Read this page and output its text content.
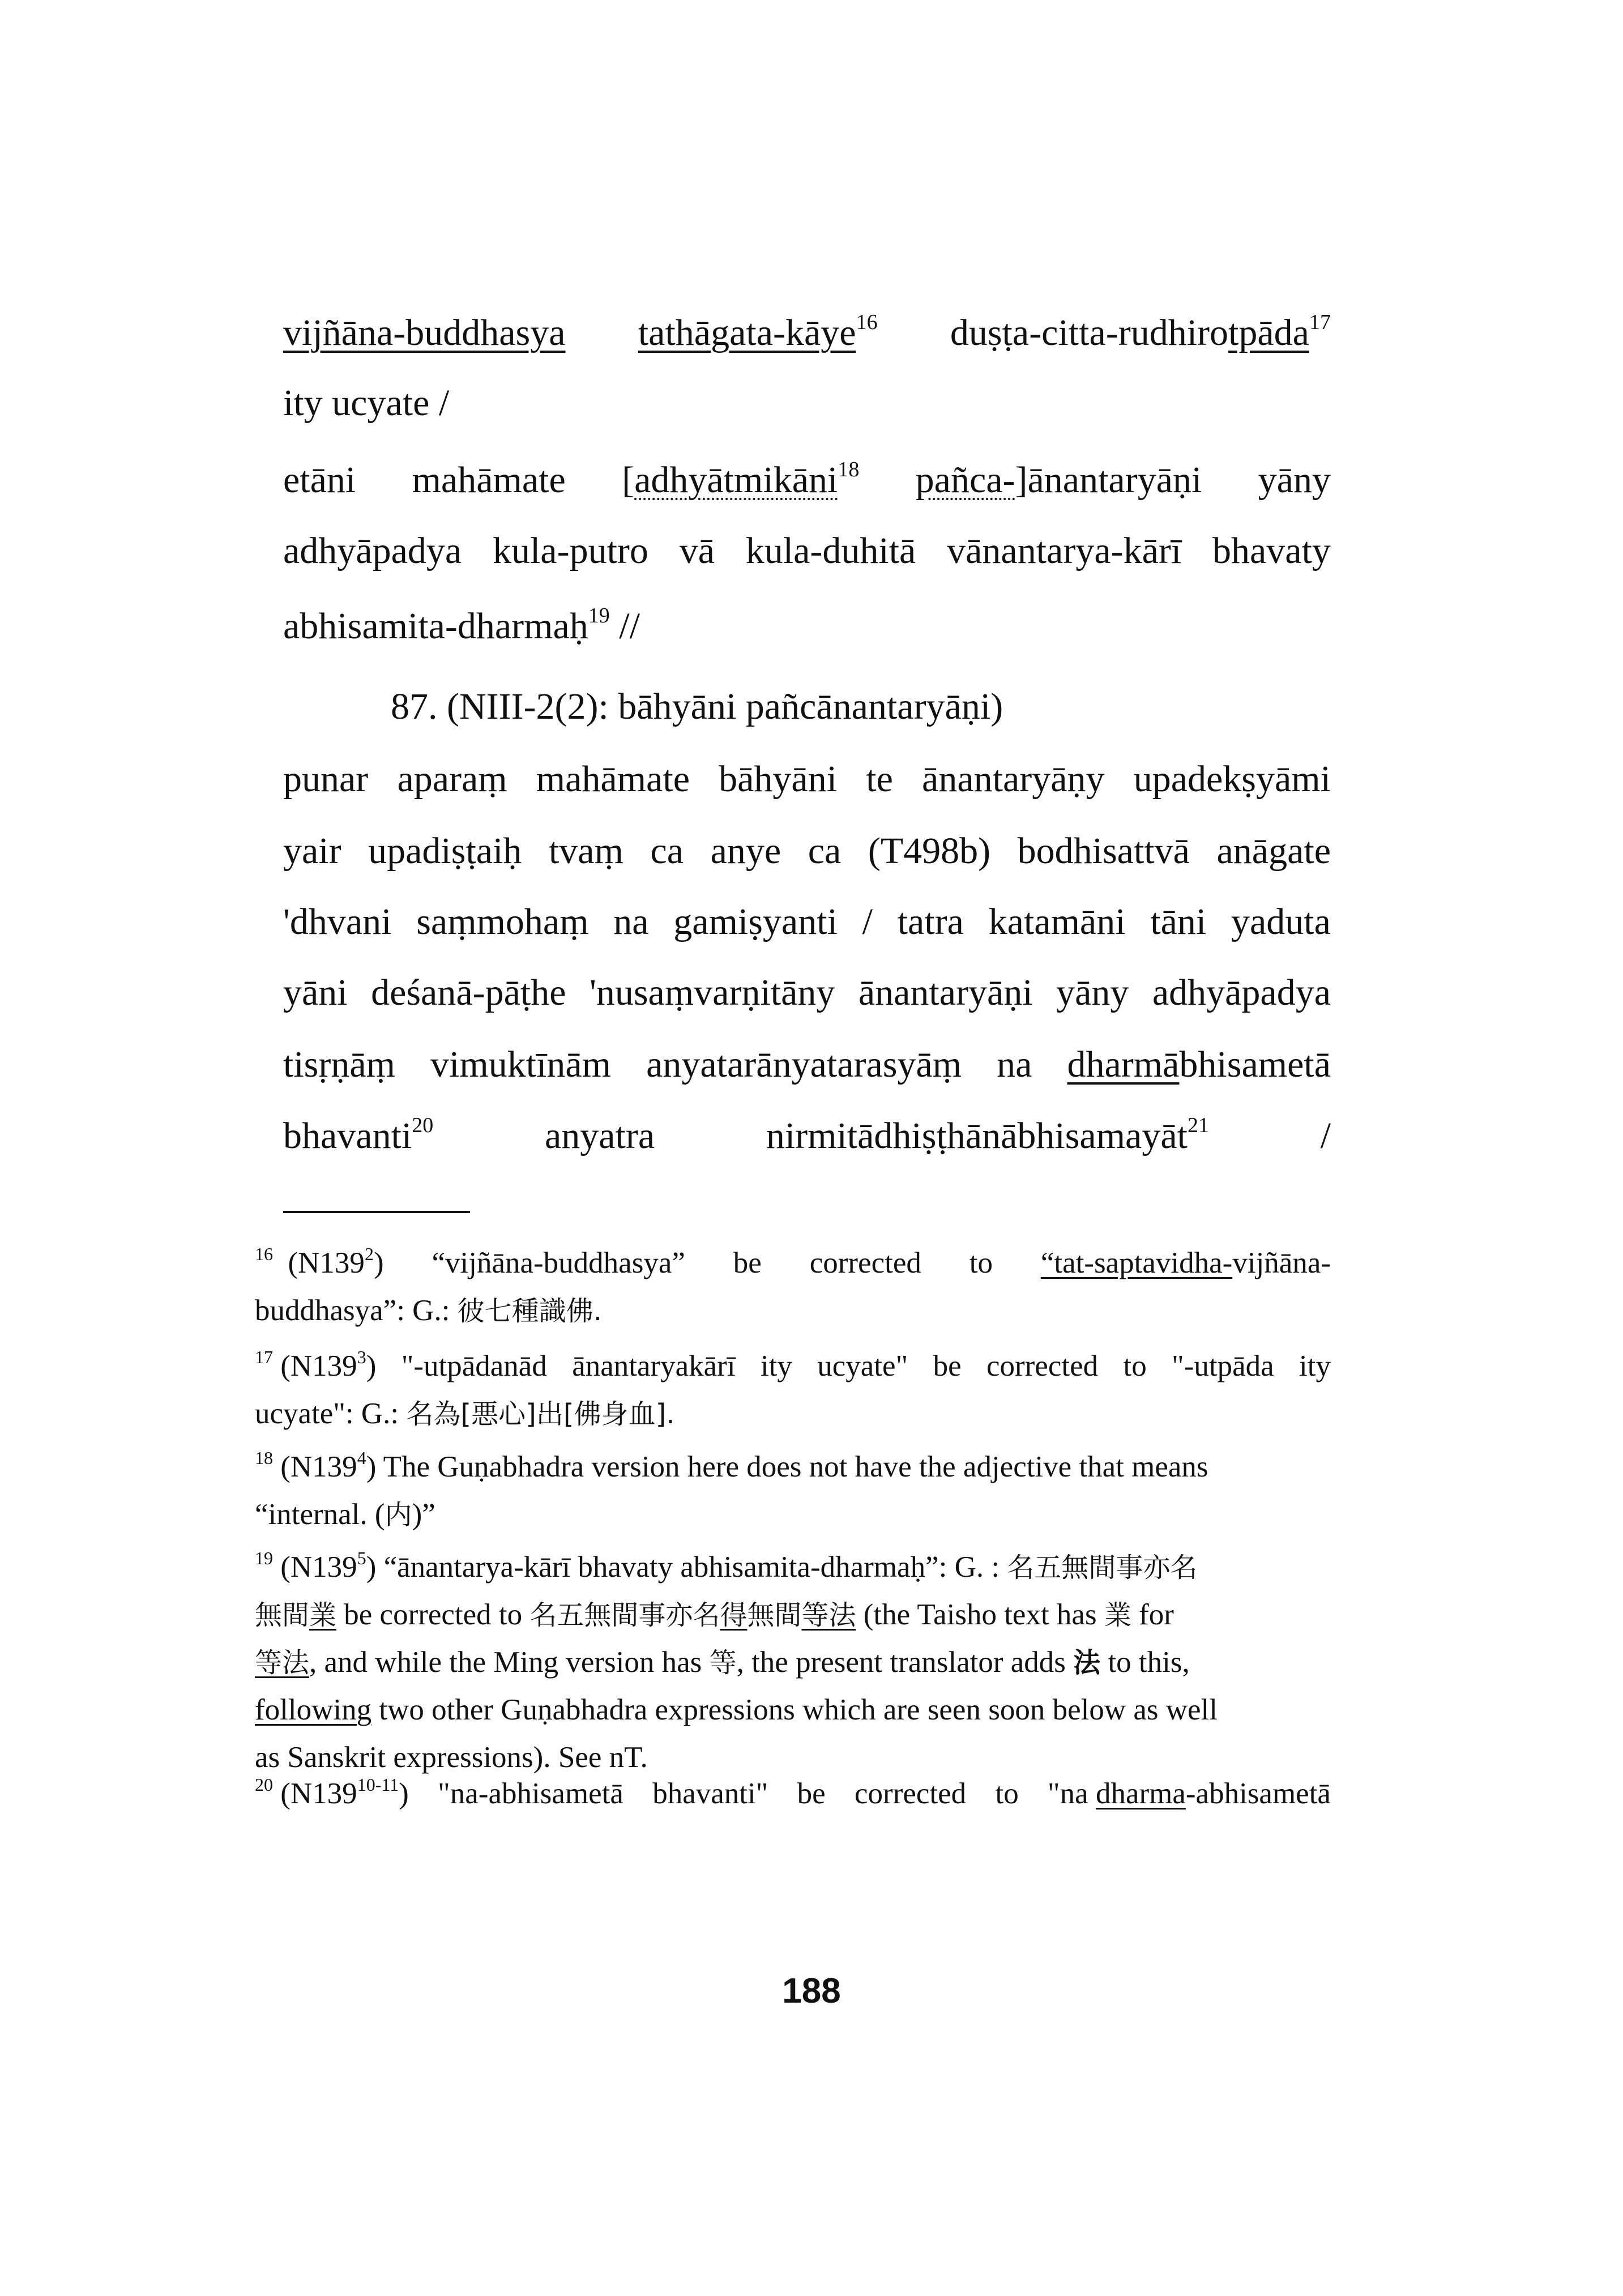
vijñāna-buddhasya tathāgata-kāye$^{16}$ duṣṭa-citta-rudhirotpāda$^{17}$
ity ucyate /
etāni mahāmate [adhyātmikāni$^{18}$ pañca-]ānantaryāṇi yāny
adhyāpadya kula-putro vā kula-duhitā vānantarya-kārī bhavaty
abhisamita-dharmaḥ$^{19}$ //
87. (NIII-2(2): bāhyāni pañcānantaryāṇi)
punar aparaṃ mahāmate bāhyāni te ānantaryāṇy upadekṣyāmi
yair upadiṣṭaiḥ tvaṃ ca anye ca (T498b) bodhisattvā anāgate
'dhvani saṃmohaṃ na gamiṣyanti / tatra katamāni tāni yaduta
yāni deśanā-pāṭhe 'nusaṃvarṇitāny ānantaryāṇi yāny adhyāpadya
tisṛṇāṃ vimuktīnām anyatarānyatarasyāṃ na dharmābhisametā
bhavanti$^{20}$	anyatra	nirmitādhiṣṭhānābhisamayāt$^{21}$	/
$^{16}$ $(N139^2)$ “vijñāna-buddhasya” be corrected to “tat-saptavidha-vijñāna-
buddhasya”: G.: 彼七種識佛.
$^{17}$ $(N139^3)$ "-utpādanād ānantaryakārī ity ucyate" be corrected to "-utpāda ity
ucyate": G.: 名為[悪心]出[佛身血].
$^{18}$ $(N139^4)$ The Guṇabhadra version here does not have the adjective that means
“internal. (内)”
$^{19}$ $(N139^5)$ “ānantarya-kārī bhavaty abhisamita-dharmaḥ”: G. : 名五無間事亦名
無間業 be corrected to 名五無間事亦名得無間等法 (the Taisho text has 業 for
等法, and while the Ming version has 等, the present translator adds 法 to this,
following two other Guṇabhadra expressions which are seen soon below as well
as Sanskrit expressions). See nT.
$^{20}$ (N139$^{10-11}$) "na-abhisametā bhavanti" be corrected to "na dharma-abhisametā
188
